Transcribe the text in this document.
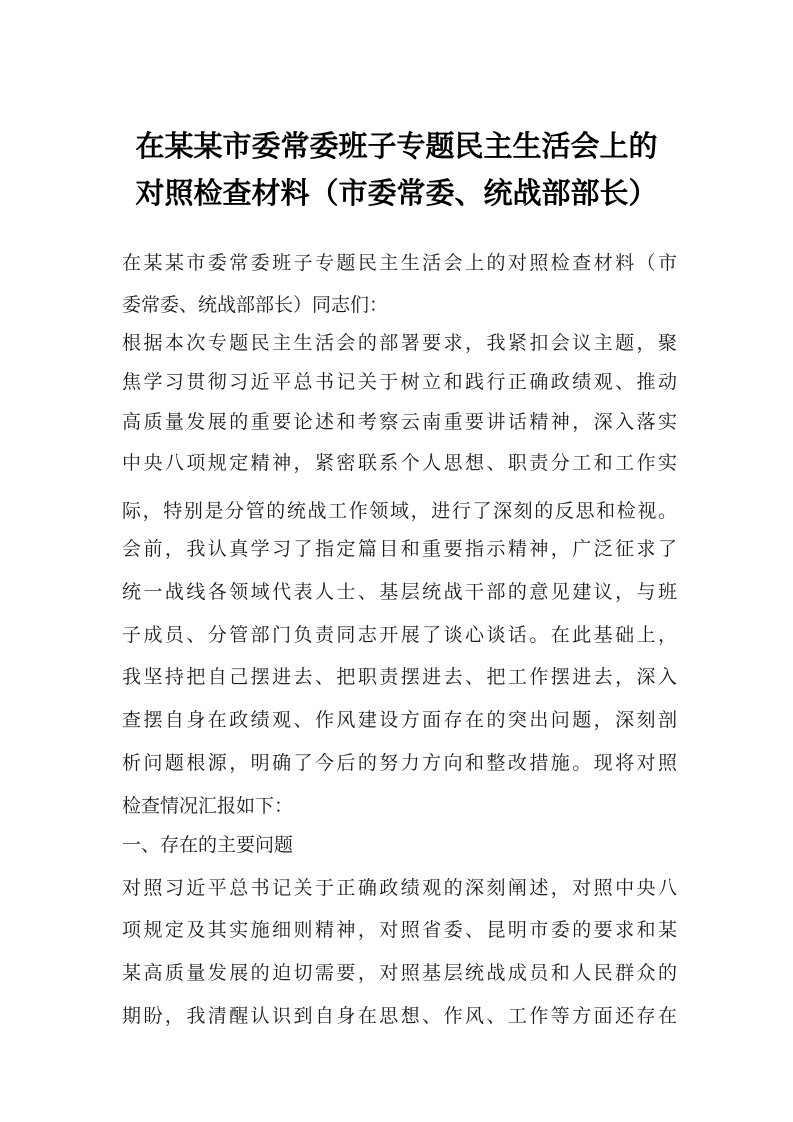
在某某市委常委班子专题民主生活会上的
对照检查材料（市委常委、统战部部长）
在某某市委常委班子专题民主生活会上的对照检查材料（市
委常委、统战部部长）同志们：
根据本次专题民主生活会的部署要求，我紧扣会议主题，聚
焦学习贯彻习近平总书记关于树立和践行正确政绩观、推动
高质量发展的重要论述和考察云南重要讲话精神，深入落实
中央八项规定精神，紧密联系个人思想、职责分工和工作实
际，特别是分管的统战工作领域，进行了深刻的反思和检视。
会前，我认真学习了指定篇目和重要指示精神，广泛征求了
统一战线各领域代表人士、基层统战干部的意见建议，与班
子成员、分管部门负责同志开展了谈心谈话。在此基础上，
我坚持把自己摆进去、把职责摆进去、把工作摆进去，深入
查摆自身在政绩观、作风建设方面存在的突出问题，深刻剖
析问题根源，明确了今后的努力方向和整改措施。现将对照
检查情况汇报如下：
一、存在的主要问题
对照习近平总书记关于正确政绩观的深刻阐述，对照中央八
项规定及其实施细则精神，对照省委、昆明市委的要求和某
某高质量发展的迫切需要，对照基层统战成员和人民群众的
期盼，我清醒认识到自身在思想、作风、工作等方面还存在
